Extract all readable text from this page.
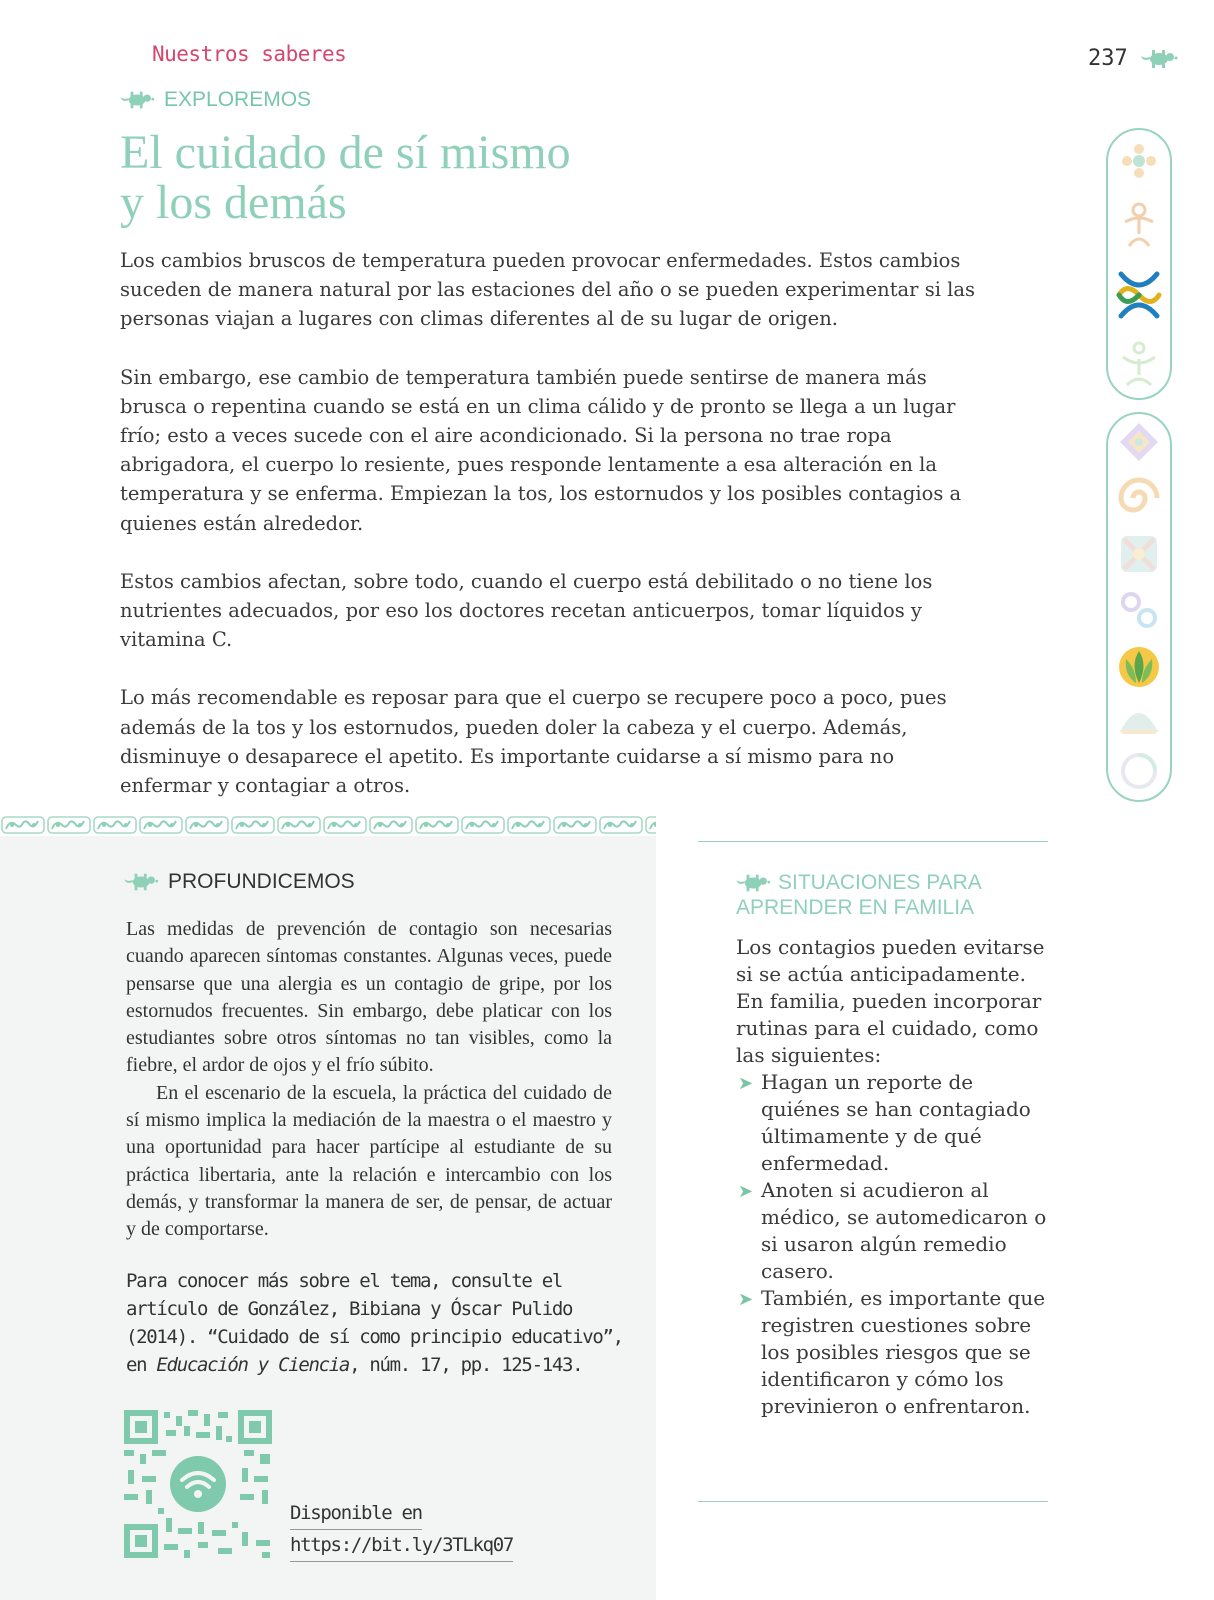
Nuestros saberes	237
EXPLOREMOS
El cuidado de sí mismo
y los demás

Los cambios bruscos de temperatura pueden provocar enfermedades. Estos cambios suceden de manera natural por las estaciones del año o se pueden experimentar si las personas viajan a lugares con climas diferentes al de su lugar de origen.

Sin embargo, ese cambio de temperatura también puede sentirse de manera más brusca o repentina cuando se está en un clima cálido y de pronto se llega a un lugar frío; esto a veces sucede con el aire acondicionado. Si la persona no trae ropa abrigadora, el cuerpo lo resiente, pues responde lentamente a esa alteración en la temperatura y se enferma. Empiezan la tos, los estornudos y los posibles contagios a quienes están alrededor.

Estos cambios afectan, sobre todo, cuando el cuerpo está debilitado o no tiene los nutrientes adecuados, por eso los doctores recetan anticuerpos, tomar líquidos y vitamina C.

Lo más recomendable es reposar para que el cuerpo se recupere poco a poco, pues además de la tos y los estornudos, pueden doler la cabeza y el cuerpo. Además, disminuye o desaparece el apetito. Es importante cuidarse a sí mismo para no enfermar y contagiar a otros.

PROFUNDICEMOS

Las medidas de prevención de contagio son necesarias cuando aparecen síntomas constantes. Algunas veces, puede pensarse que una alergia es un contagio de gripe, por los estornudos frecuentes. Sin embargo, debe platicar con los estudiantes sobre otros síntomas no tan visibles, como la fiebre, el ardor de ojos y el frío súbito.

En el escenario de la escuela, la práctica del cuidado de sí mismo implica la mediación de la maestra o el maestro y una oportunidad para hacer partícipe al estudiante de su práctica libertaria, ante la relación e intercambio con los demás, y transformar la manera de ser, de pensar, de actuar y de comportarse.

Para conocer más sobre el tema, consulte el artículo de González, Bibiana y Óscar Pulido (2014). “Cuidado de sí como principio educativo”, en Educación y Ciencia, núm. 17, pp. 125-143.
Disponible en
https://bit.ly/3TLkq07
SITUACIONES PARA
APRENDER EN FAMILIA

Los contagios pueden evitarse si se actúa anticipadamente. En familia, pueden incorporar rutinas para el cuidado, como las siguientes:

➤ Hagan un reporte de quiénes se han contagiado últimamente y de qué enfermedad.
➤ Anoten si acudieron al médico, se automedicaron o si usaron algún remedio casero.
➤ También, es importante que registren cuestiones sobre los posibles riesgos que se identificaron y cómo los previnieron o enfrentaron.
